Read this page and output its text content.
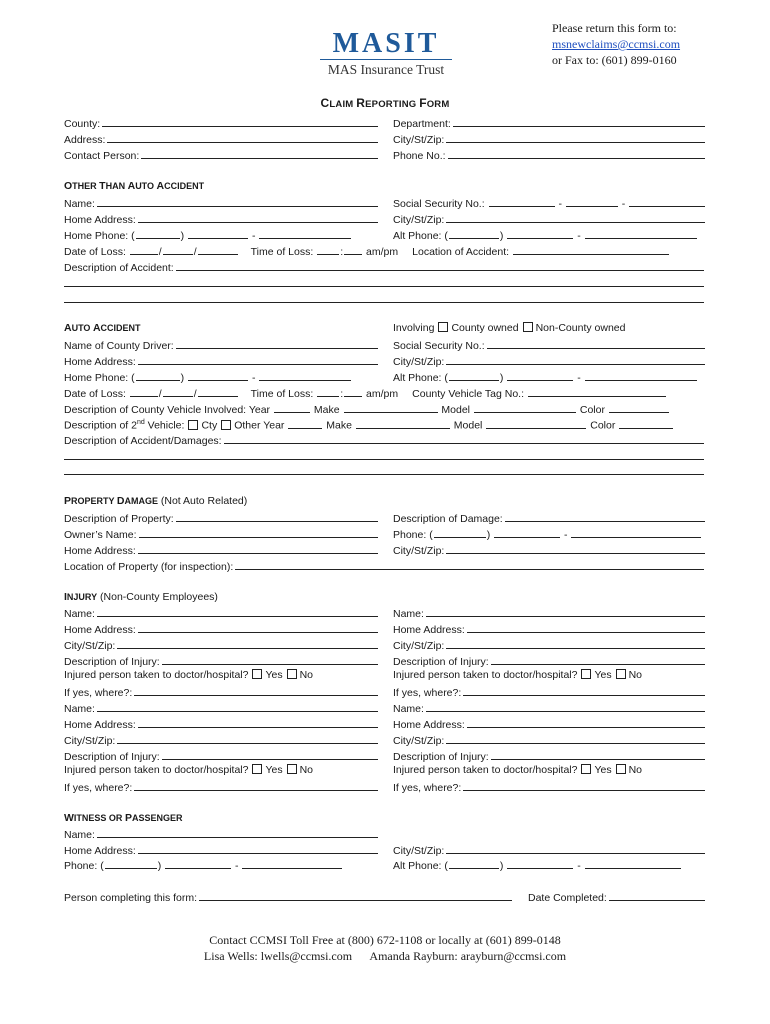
MASIT
MAS Insurance Trust
Please return this form to:
msnewclaims@ccmsi.com
or Fax to: (601) 899-0160
CLAIM REPORTING FORM
County:	Department:
Address:	City/St/Zip:
Contact Person:	Phone No.:
OTHER THAN AUTO ACCIDENT
Name:	Social Security No.:	-	-
Home Address:	City/St/Zip:
Home Phone: (	)	-	Alt Phone: (	)	-
Date of Loss:	/	/	Time of Loss:	: am/pm Location of Accident:
Description of Accident:
AUTO ACCIDENT	Involving County owned Non-County owned
Name of County Driver:	Social Security No.:
Home Address:	City/St/Zip:
Home Phone: (	)	-	Alt Phone: (	)	-
Date of Loss:	/	/	Time of Loss:	: am/pm County Vehicle Tag No.:
Description of County Vehicle Involved: Year	Make	Model	Color
Description of 2nd Vehicle: Cty Other Year	Make	Model	Color
Description of Accident/Damages:
PROPERTY DAMAGE (Not Auto Related)
Description of Property:	Description of Damage:
Owner’s Name:	Phone: (	)	-
Home Address:	City/St/Zip:
Location of Property (for inspection):
INJURY (Non-County Employees)
Name:
Home Address:
City/St/Zip:
Description of Injury:
Injured person taken to doctor/hospital? Yes No
If yes, where?:
Name:
Home Address:
City/St/Zip:
Description of Injury:
Injured person taken to doctor/hospital? Yes No
If yes, where?:
Name:
Home Address:
City/St/Zip:
Description of Injury:
Injured person taken to doctor/hospital? Yes No
If yes, where?:
Name:
Home Address:
City/St/Zip:
Description of Injury:
Injured person taken to doctor/hospital? Yes No
If yes, where?:
WITNESS OR PASSENGER
Name:
Home Address:	City/St/Zip:
Phone: (	)	-	Alt Phone: (	)	-
Person completing this form:	Date Completed:
Contact CCMSI Toll Free at (800) 672-1108 or locally at (601) 899-0148
Lisa Wells: lwells@ccmsi.com      Amanda Rayburn: arayburn@ccmsi.com
